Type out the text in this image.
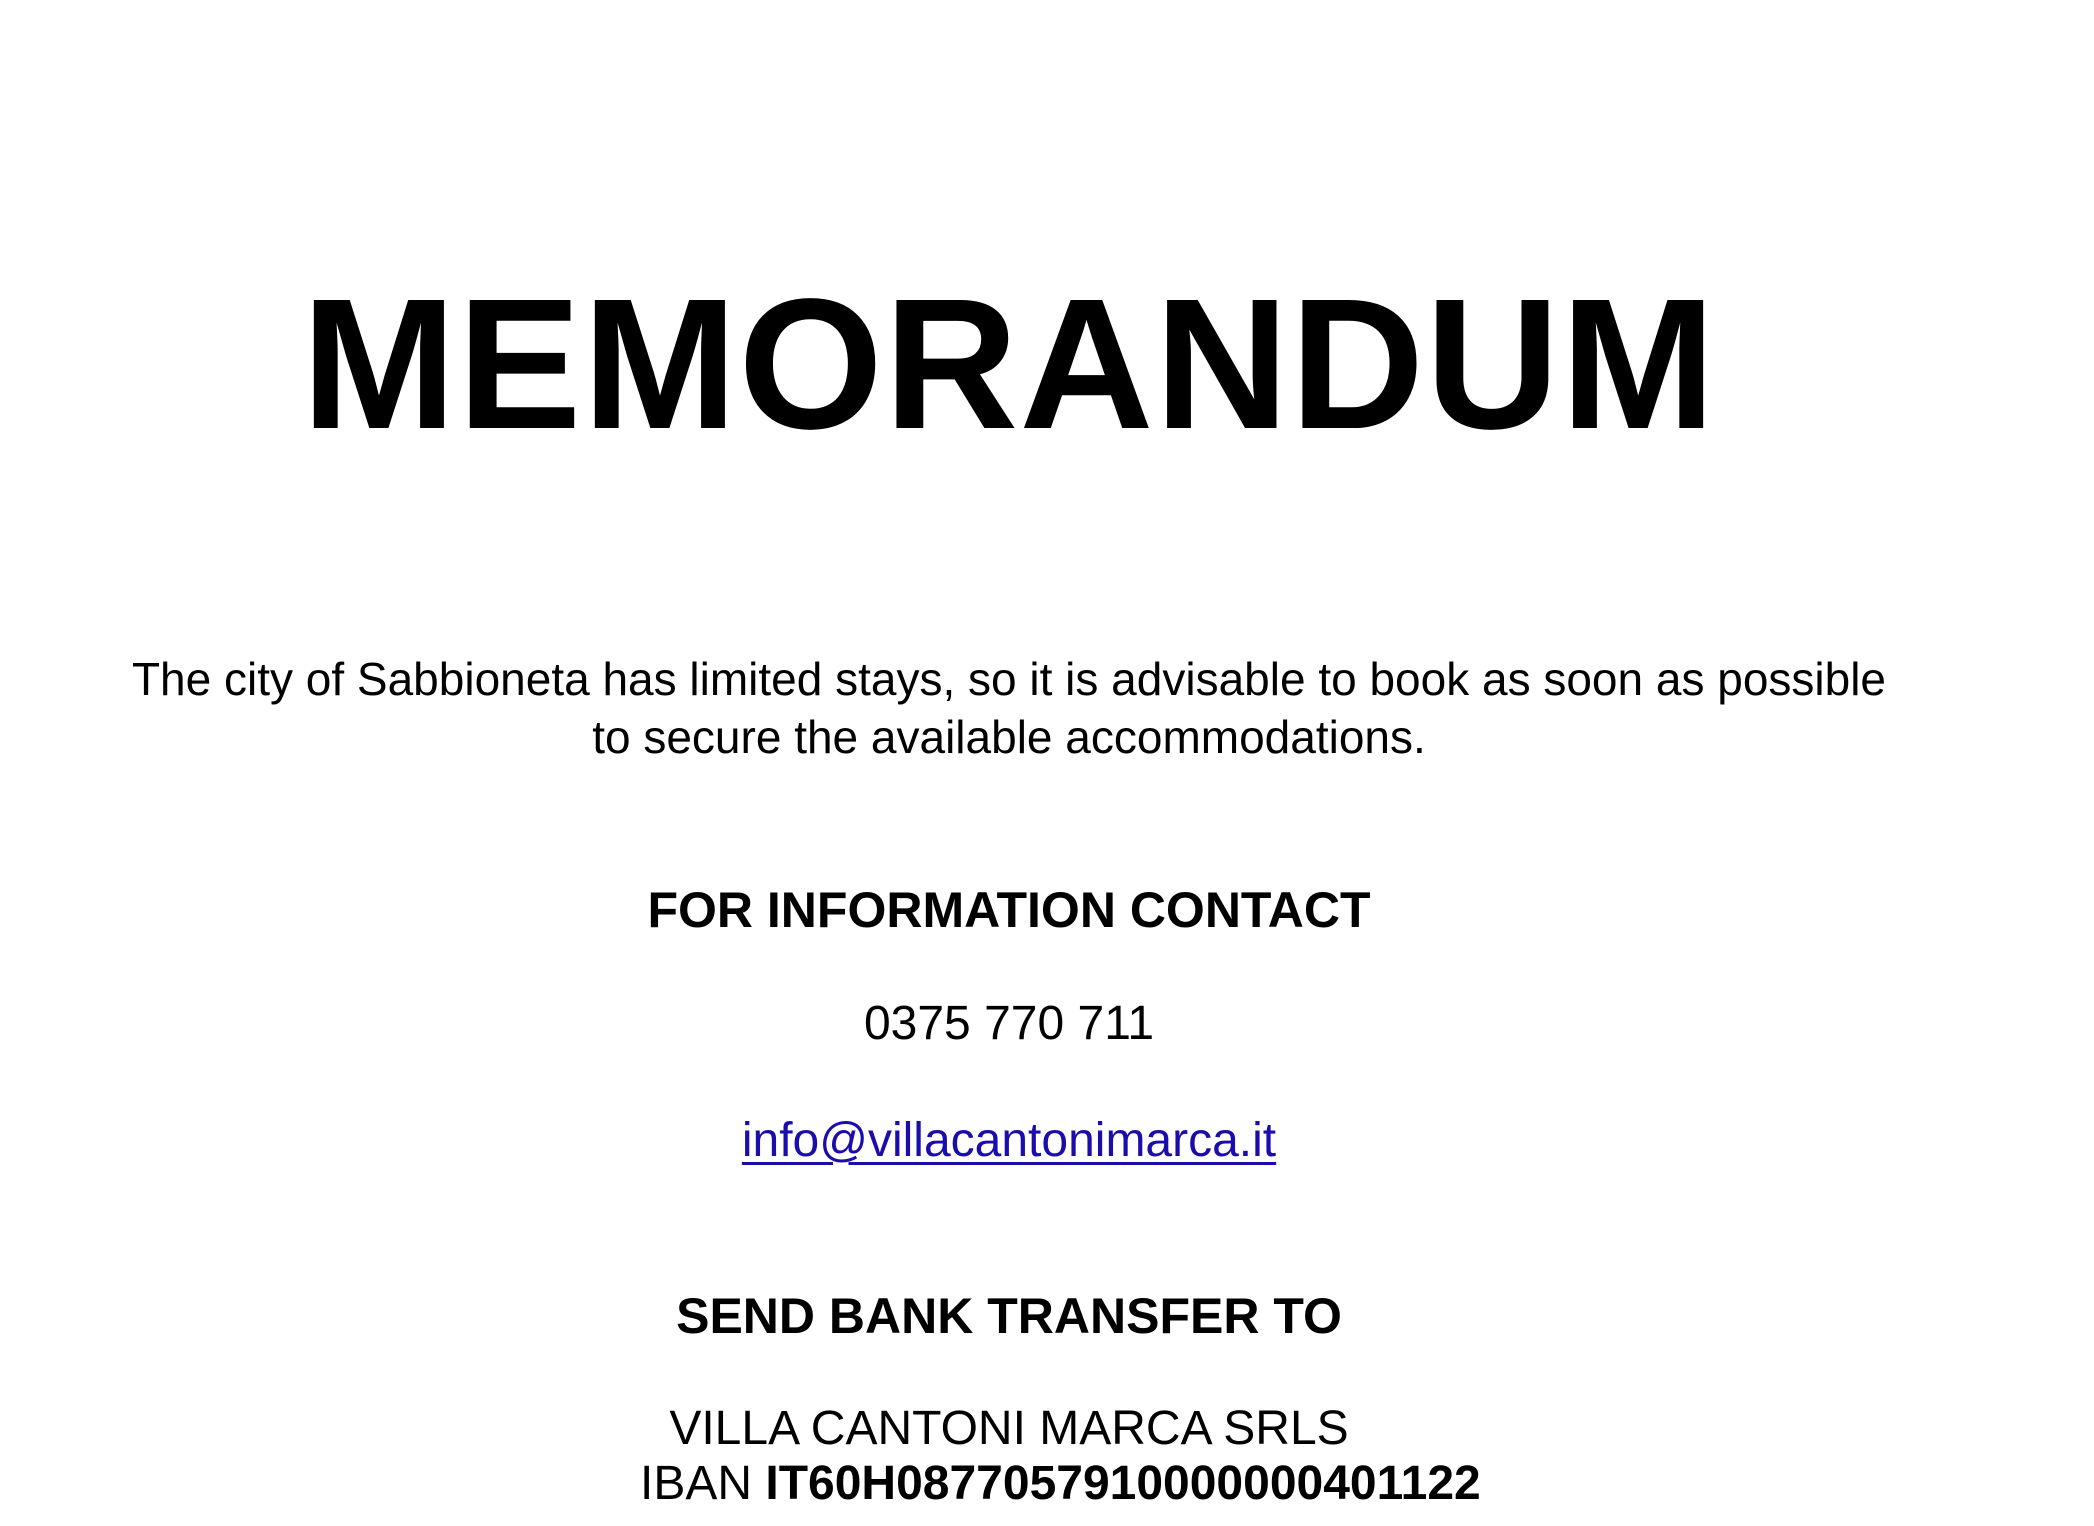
MEMORANDUM

The city of Sabbioneta has limited stays, so it is advisable to book as soon as possible
to secure the available accommodations.

FOR INFORMATION CONTACT

0375 770 711

info@villacantonimarca.it

SEND BANK TRANSFER TO

VILLA CANTONI MARCA SRLS

IBAN IT60H0877057910000000401122
